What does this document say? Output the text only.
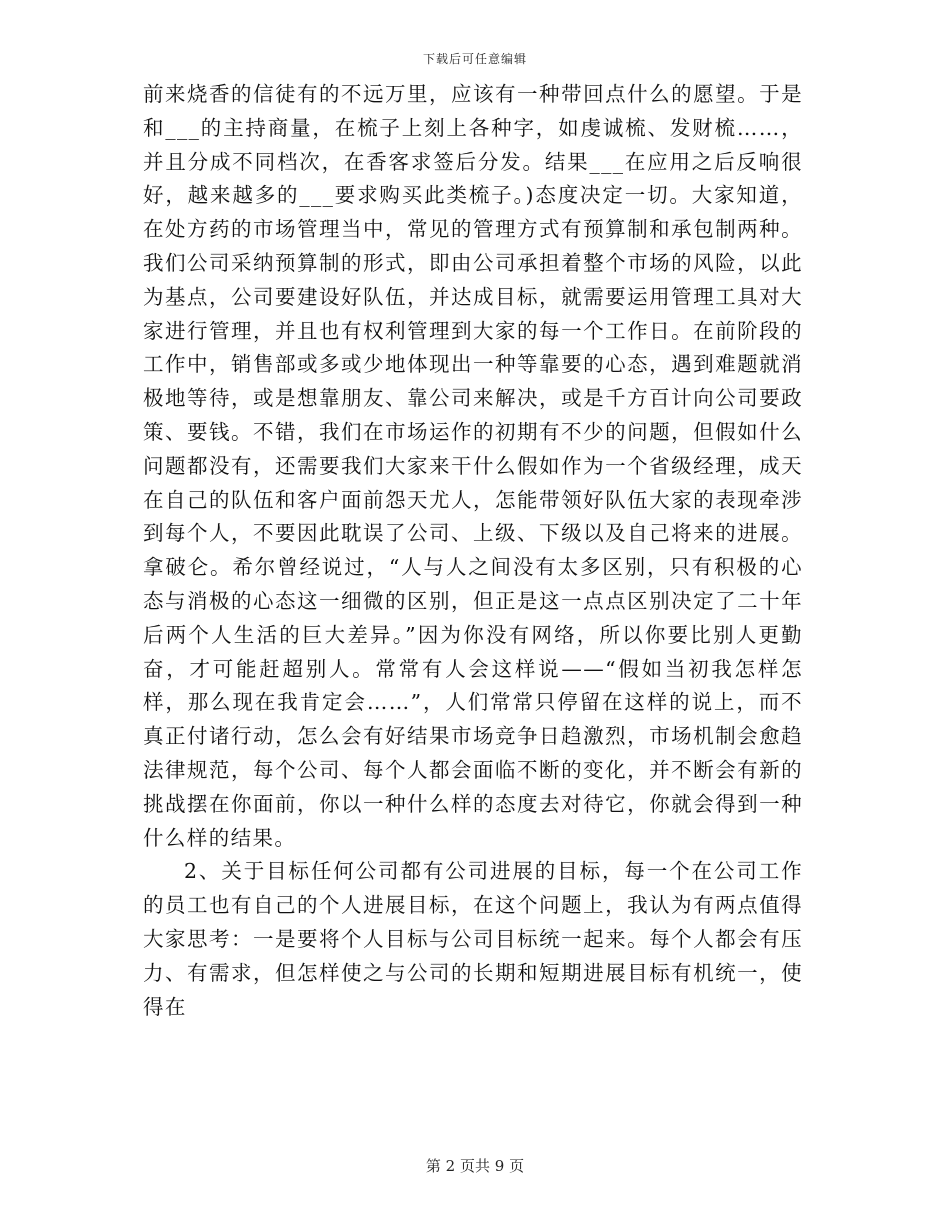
下载后可任意编辑

前来烧香的信徒有的不远万里，应该有一种带回点什么的愿望。于是和___的主持商量，在梳子上刻上各种字，如虔诚梳、发财梳……，并且分成不同档次，在香客求签后分发。结果___在应用之后反响很好，越来越多的___要求购买此类梳子。)态度决定一切。大家知道，在处方药的市场管理当中，常见的管理方式有预算制和承包制两种。我们公司采纳预算制的形式，即由公司承担着整个市场的风险，以此为基点，公司要建设好队伍，并达成目标，就需要运用管理工具对大家进行管理，并且也有权利管理到大家的每一个工作日。在前阶段的工作中，销售部或多或少地体现出一种等靠要的心态，遇到难题就消极地等待，或是想靠朋友、靠公司来解决，或是千方百计向公司要政策、要钱。不错，我们在市场运作的初期有不少的问题，但假如什么问题都没有，还需要我们大家来干什么假如作为一个省级经理，成天在自己的队伍和客户面前怨天尤人，怎能带领好队伍大家的表现牵涉到每个人，不要因此耽误了公司、上级、下级以及自己将来的进展。拿破仑。希尔曾经说过，“人与人之间没有太多区别，只有积极的心态与消极的心态这一细微的区别，但正是这一点点区别决定了二十年后两个人生活的巨大差异。”因为你没有网络，所以你要比别人更勤奋，才可能赶超别人。常常有人会这样说——“假如当初我怎样怎样，那么现在我肯定会……”，人们常常只停留在这样的说上，而不真正付诸行动，怎么会有好结果市场竞争日趋激烈，市场机制会愈趋法律规范，每个公司、每个人都会面临不断的变化，并不断会有新的挑战摆在你面前，你以一种什么样的态度去对待它，你就会得到一种什么样的结果。

2、关于目标任何公司都有公司进展的目标，每一个在公司工作的员工也有自己的个人进展目标，在这个问题上，我认为有两点值得大家思考：一是要将个人目标与公司目标统一起来。每个人都会有压力、有需求，但怎样使之与公司的长期和短期进展目标有机统一，使得在

第 2 页共 9 页
